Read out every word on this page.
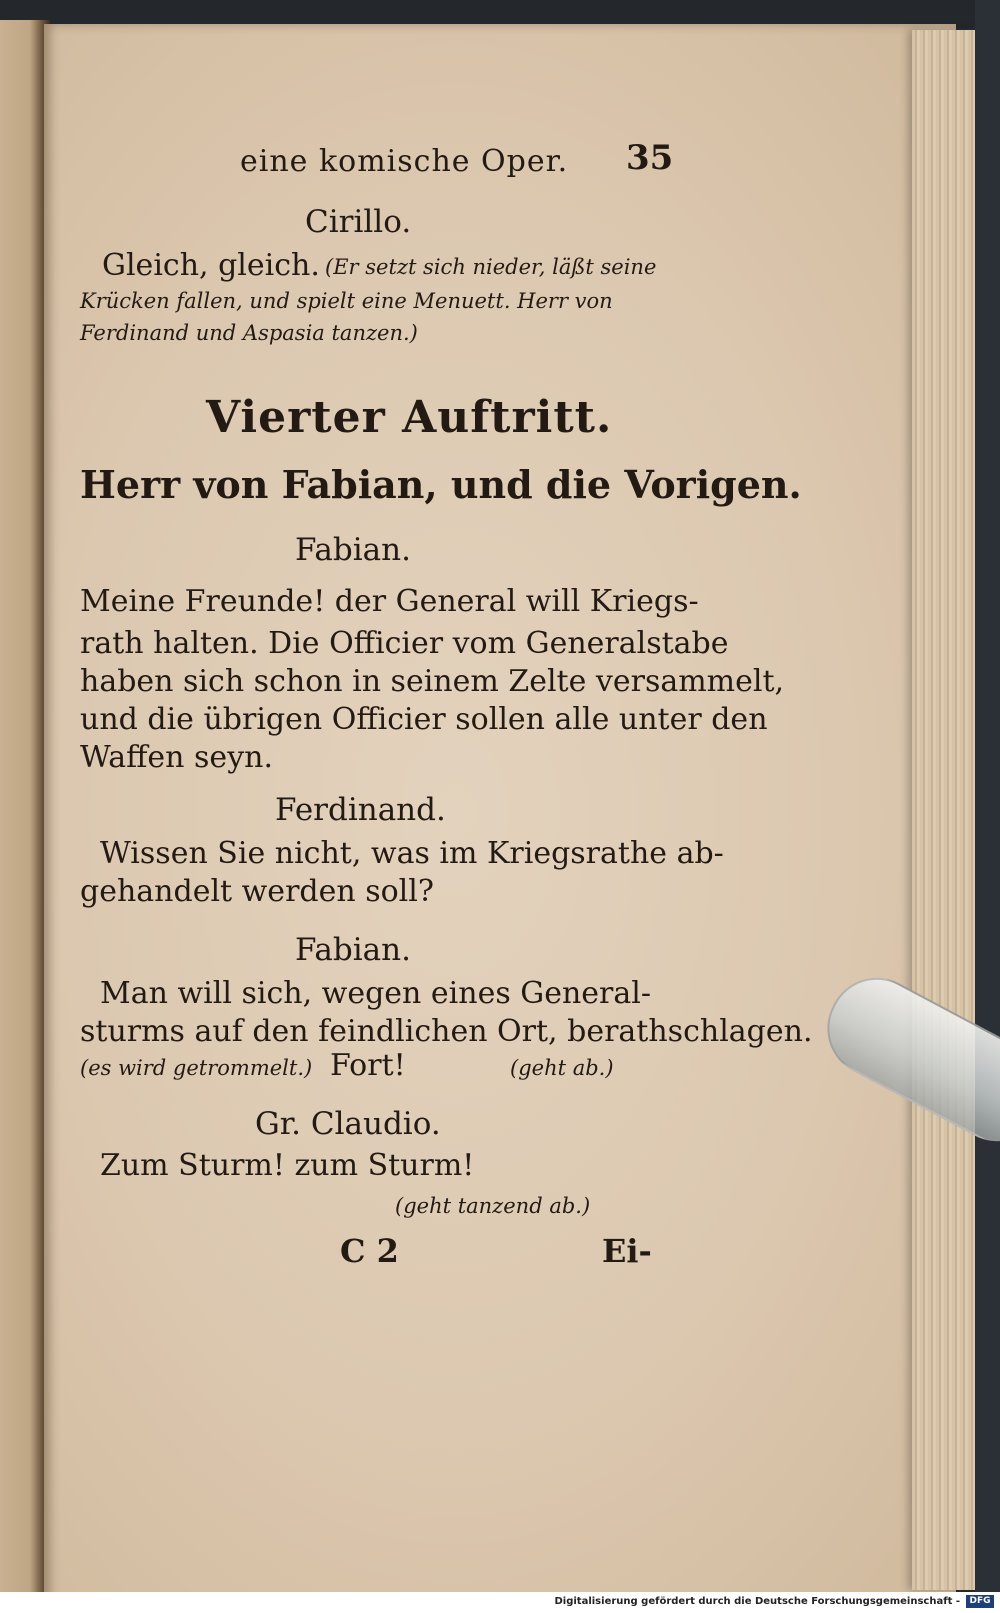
eine komische Oper. 35
Cirillo.
Gleich, gleich. (Er setzt sich nieder, läßt seine
Krücken fallen, und spielt eine Menuett. Herr von
Ferdinand und Aspasia tanzen.)
Vierter Auftritt.
Herr von Fabian, und die Vorigen.
Fabian.
Meine Freunde! der General will Kriegs-
rath halten. Die Officier vom Generalstabe
haben sich schon in seinem Zelte versammelt,
und die übrigen Officier sollen alle unter den
Waffen seyn.
Ferdinand.
Wissen Sie nicht, was im Kriegsrathe ab-
gehandelt werden soll?
Fabian.
Man will sich, wegen eines General-
sturms auf den feindlichen Ort, berathschlagen.
(es wird getrommelt.) Fort!	(geht ab.)
Gr. Claudio.
Zum Sturm! zum Sturm!
(geht tanzend ab.)
C 2	Ei-
Digitalisierung gefördert durch die Deutsche Forschungsgemeinschaft -	DFG
